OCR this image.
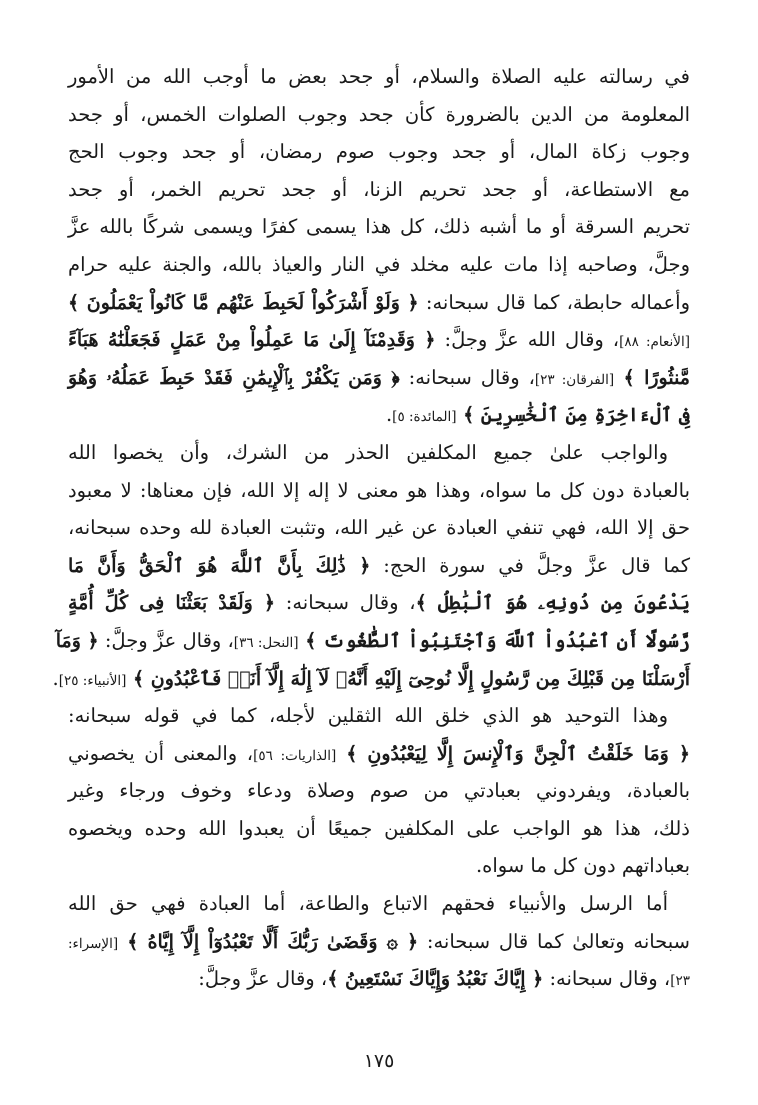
في رسالته عليه الصلاة والسلام، أو جحد بعض ما أوجب الله من الأمور
المعلومة من الدين بالضرورة كأن جحد وجوب الصلوات الخمس، أو جحد
وجوب زكاة المال، أو جحد وجوب صوم رمضان، أو جحد وجوب الحج
مع الاستطاعة، أو جحد تحريم الزنا، أو جحد تحريم الخمر، أو جحد
تحريم السرقة أو ما أشبه ذلك، كل هذا يسمى كفرًا ويسمى شركًا بالله عزَّ
وجلَّ، وصاحبه إذا مات عليه مخلد في النار والعياذ بالله، والجنة عليه حرام
وأعماله حابطة، كما قال سبحانه: ﴿ وَلَوْ أَشْرَكُواْ لَحَبِطَ عَنْهُم مَّا كَانُواْ يَعْمَلُونَ ﴾
[الأنعام: ٨٨]، وقال الله عزَّ وجلَّ: ﴿ وَقَدِمْنَآ إِلَىٰ مَا عَمِلُواْ مِنْ عَمَلٍ فَجَعَلْنَٰهُ هَبَآءً
مَّنثُورًا ﴾ [الفرقان: ٢٣]، وقال سبحانه: ﴿ وَمَن يَكْفُرْ بِٱلْإِيمَٰنِ فَقَدْ حَبِطَ عَمَلُهُۥ وَهُوَ
فِى ٱلْءَاخِرَةِ مِنَ ٱلْخَٰسِرِينَ ﴾ [المائدة: ٥].
والواجب علىٰ جميع المكلفين الحذر من الشرك، وأن يخصوا الله
بالعبادة دون كل ما سواه، وهذا هو معنى لا إله إلا الله، فإن معناها: لا معبود
حق إلا الله، فهي تنفي العبادة عن غير الله، وتثبت العبادة لله وحده سبحانه،
كما قال عزَّ وجلَّ في سورة الحج: ﴿ ذَٰلِكَ بِأَنَّ ٱللَّهَ هُوَ ٱلْحَقُّ وَأَنَّ مَا
يَدْعُونَ مِن دُونِهِۦ هُوَ ٱلْبَٰطِلُ ﴾، وقال سبحانه: ﴿ وَلَقَدْ بَعَثْنَا فِى كُلِّ أُمَّةٍ
رَّسُولًا أَنِ ٱعْبُدُواْ ٱللَّهَ وَٱجْتَنِبُواْ ٱلطَّٰغُوتَ ﴾ [النحل: ٣٦]، وقال عزَّ وجلَّ: ﴿ وَمَآ
أَرْسَلْنَا مِن قَبْلِكَ مِن رَّسُولٍ إِلَّا نُوحِىٓ إِلَيْهِ أَنَّهُۥ لَآ إِلَٰهَ إِلَّآ أَنَا۠ فَٱعْبُدُونِ ﴾ [الأنبياء: ٢٥].
وهذا التوحيد هو الذي خلق الله الثقلين لأجله، كما في قوله سبحانه:
﴿ وَمَا خَلَقْتُ ٱلْجِنَّ وَٱلْإِنسَ إِلَّا لِيَعْبُدُونِ ﴾ [الذاريات: ٥٦]، والمعنى أن يخصوني
بالعبادة، ويفردوني بعبادتي من صوم وصلاة ودعاء وخوف ورجاء وغير
ذلك، هذا هو الواجب على المكلفين جميعًا أن يعبدوا الله وحده ويخصوه
بعباداتهم دون كل ما سواه.
أما الرسل والأنبياء فحقهم الاتباع والطاعة، أما العبادة فهي حق الله
سبحانه وتعالىٰ كما قال سبحانه: ﴿ ۞ وَقَضَىٰ رَبُّكَ أَلَّا تَعْبُدُوٓاْ إِلَّآ إِيَّاهُ ﴾ [الإسراء:
٢٣]، وقال سبحانه: ﴿ إِيَّاكَ نَعْبُدُ وَإِيَّاكَ نَسْتَعِينُ ﴾، وقال عزَّ وجلَّ:
١٧٥
